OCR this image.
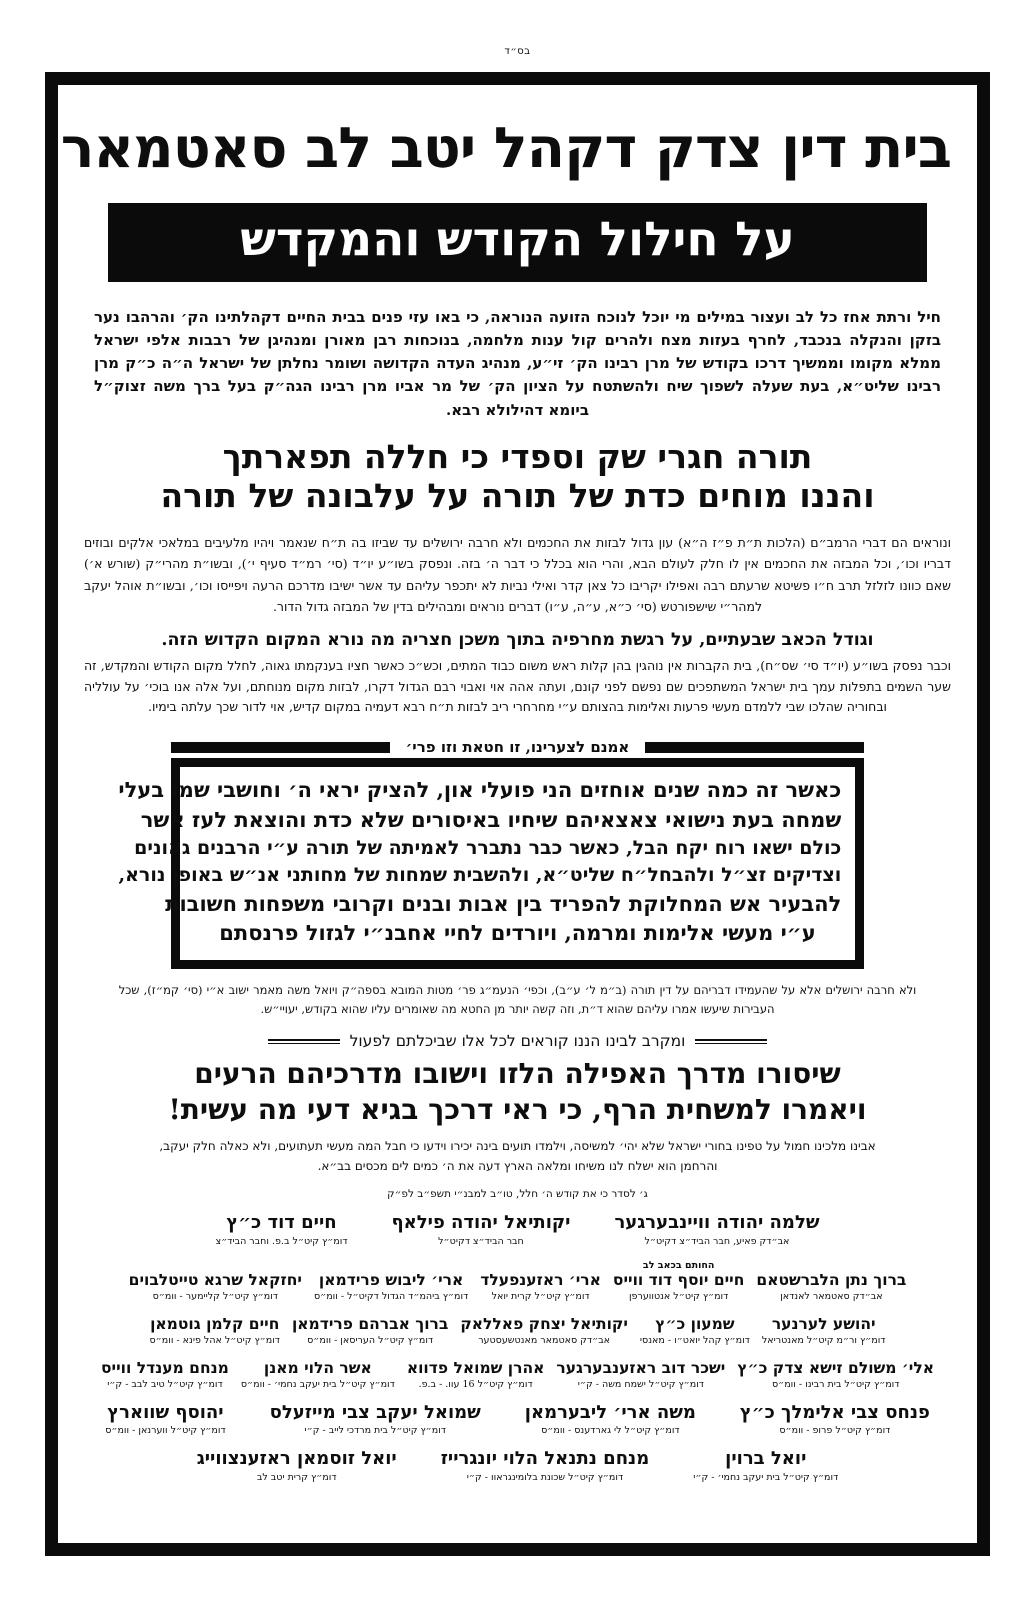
בס״ד
בית דין צדק דקהל יטב לב סאטמאר
על חילול הקודש והמקדש
חיל ורתת אחז כל לב ועצור במילים מי יוכל לנוכח הזועה הנוראה, כי באו עזי פנים בבית החיים דקהלתינו הק׳ והרהבו נער בזקן והנקלה בנכבד, לחרף בעזות מצח ולהרים קול ענות מלחמה, בנוכחות רבן מאורן ומנהיגן של רבבות אלפי ישראל ממלא מקומו וממשיך דרכו בקודש של מרן רבינו הק׳ זי״ע, מנהיג העדה הקדושה ושומר נחלתן של ישראל ה״ה כ״ק מרן רבינו שליט״א, בעת שעלה לשפוך שיח ולהשתטח על הציון הק׳ של מר אביו מרן רבינו הגה״ק בעל ברך משה זצוק״ל ביומא דהילולא רבא.
תורה חגרי שק וספדי כי חללה תפארתך
והננו מוחים כדת של תורה על עלבונה של תורה
ונוראים הם דברי הרמב״ם (הלכות ת״ת פ״ז ה״א) עון גדול לבזות את החכמים ולא חרבה ירושלים עד שביזו בה ת״ח שנאמר ויהיו מלעיבים במלאכי אלקים ובוזים דבריו וכו׳, וכל המבזה את החכמים אין לו חלק לעולם הבא, והרי הוא בכלל כי דבר ה׳ בזה. ונפסק בשו״ע יו״ד (סי׳ רמ״ד סעיף י׳), ובשו״ת מהרי״ק (שורש א׳) שאם כוונו לזלזל תרב ח״ו פשיטא שרעתם רבה ואפילו יקריבו כל צאן קדר ואילי נביות לא יתכפר עליהם עד אשר ישיבו מדרכם הרעה ויפייסו וכו׳, ובשו״ת אוהל יעקב למהר״י שישפורטש (סי׳ כ״א, ע״ה, ע״ו) דברים נוראים ומבהילים בדין של המבזה גדול הדור.
וגודל הכאב שבעתיים, על רגשת מחרפיה בתוך משכן חצריה מה נורא המקום הקדוש הזה.
וכבר נפסק בשו״ע (יו״ד סי׳ שס״ח), בית הקברות אין נוהגין בהן קלות ראש משום כבוד המתים, וכש״כ כאשר חציו בענקמתו גאוה, לחלל מקום הקודש והמקדש, זה שער השמים בתפלות עמך בית ישראל המשתפכים שם נפשם לפני קונם, ועתה אהה אוי ואבוי רבם הגדול דקרו, לבזות מקום מנוחתם, ועל אלה אנו בוכי׳ על עולליה ובחוריה שהלכו שבי ללמדם מעשי פרעות ואלימות בהצותם ע״י מחרחרי ריב לבזות ת״ח רבא דעמיה במקום קדיש, אוי לדור שכך עלתה בימיו.
אמנם לצערינו, זו חטאת וזו פרי׳
כאשר זה כמה שנים אוחזים הני פועלי און, להציק יראי ה׳ וחושבי שמו בעלי
שמחה בעת נישואי צאצאיהם שיחיו באיסורים שלא כדת והוצאת לעז אשר
כולם ישאו רוח יקח הבל, כאשר כבר נתברר לאמיתה של תורה ע״י הרבנים גאונים
וצדיקים זצ״ל ולהבחל״ח שליט״א, ולהשבית שמחות של מחותני אנ״ש באופן נורא,
להבעיר אש המחלוקת להפריד בין אבות ובנים וקרובי משפחות חשובות
ע״י מעשי אלימות ומרמה, ויורדים לחיי אחבנ״י לגזול פרנסתם
ולא חרבה ירושלים אלא על שהעמידו דבריהם על דין תורה (ב״מ ל׳ ע״ב), וכפי׳ הנעמ״ג פר׳ מטות המובא בספה״ק ויואל משה מאמר ישוב א״י (סי׳ קמ״ז), שכל העבירות שיעשו אמרו עליהם שהוא ד״ת, וזה קשה יותר מן החטא מה שאומרים עליו שהוא בקודש, יעויי״ש.
ומקרב לבינו הננו קוראים לכל אלו שביכלתם לפעול
שיסורו מדרך האפילה הלזו וישובו מדרכיהם הרעים
ויאמרו למשחית הרף, כי ראי דרכך בגיא דעי מה עשית!
אבינו מלכינו חמול על טפינו בחורי ישראל שלא יהי׳ למשיסה, וילמדו תועים בינה יכירו וידעו כי חבל המה מעשי תעתועים, ולא כאלה חלק יעקב, והרחמן הוא ישלח לנו משיחו ומלאה הארץ דעה את ה׳ כמים לים מכסים בב״א.
ג׳ לסדר כי את קודש ה׳ חלל, טו״ב למבנ״י תשפ״ב לפ״ק
שלמה יהודה וויינבערגער
אב״דק פאיע, חבר הביד״צ דקיט״ל
יקותיאל יהודה פילאף
חבר הביד״צ דקיט״ל
חיים דוד כ״ץ
דומ״ץ קיט״ל ב.פ. וחבר הביד״צ
ברוך נתן הלברשטאם
אב״דק סאטמאר לאנדאן
החותם בכאב לב
חיים יוסף דוד ווייס
דומ״ץ קיט״ל אנטווערפן
ארי׳ ראזענפעלד
דומ״ץ קיט״ל קרית יואל
ארי׳ ליבוש פרידמאן
דומ״ץ ביהמ״ד הגדול דקיט״ל - וומ״ס
יחזקאל שרגא טייטלבוים
דומ״ץ קיט״ל קליימער - וומ״ס
יהושע לערנער
דומ״ץ ור״מ קיט״ל מאנטריאל
שמעון כ״ץ
דומ״ץ קהל יואט״ו - מאנסי
יקותיאל יצחק פאללאק
אב״דק סאטמאר מאנטשעסטער
ברוך אברהם פרידמאן
דומ״ץ קיט״ל העריסאן - וומ״ס
חיים קלמן גוטמאן
דומ״ץ קיט״ל אהל פינא - וומ״ס
אלי׳ משולם זישא צדק כ״ץ
דומ״ץ קיט״ל בית רבינו - וומ״ס
ישכר דוב ראזענבערגער
דומ״ץ קיט״ל ישמח משה - ק״י
אהרן שמואל פדווא
דומ״ץ קיט״ל 16 עוו. - ב.פ.
אשר הלוי מאנן
דומ״ץ קיט״ל בית יעקב נחמי׳ - וומ״ס
מנחם מענדל ווייס
דומ״ץ קיט״ל טיב לבב - ק״י
פנחס צבי אלימלך כ״ץ
דומ״ץ קיט״ל פרופ - וומ״ס
משה ארי׳ ליבערמאן
דומ״ץ קיט״ל לי גארדענס - וומ״ס
שמואל יעקב צבי מייזעלס
דומ״ץ קיט״ל בית מרדכי לייב - ק״י
יהוסף שווארץ
דומ״ץ קיט״ל ווערנאן - וומ״ס
יואל ברוין
דומ״ץ קיט״ל בית יעקב נחמי׳ - ק״י
מנחם נתנאל הלוי יונגרייז
דומ״ץ קיט״ל שכונת בלומינגראוו - ק״י
יואל זוסמאן ראזענצווייג
דומ״ץ קרית יטב לב
